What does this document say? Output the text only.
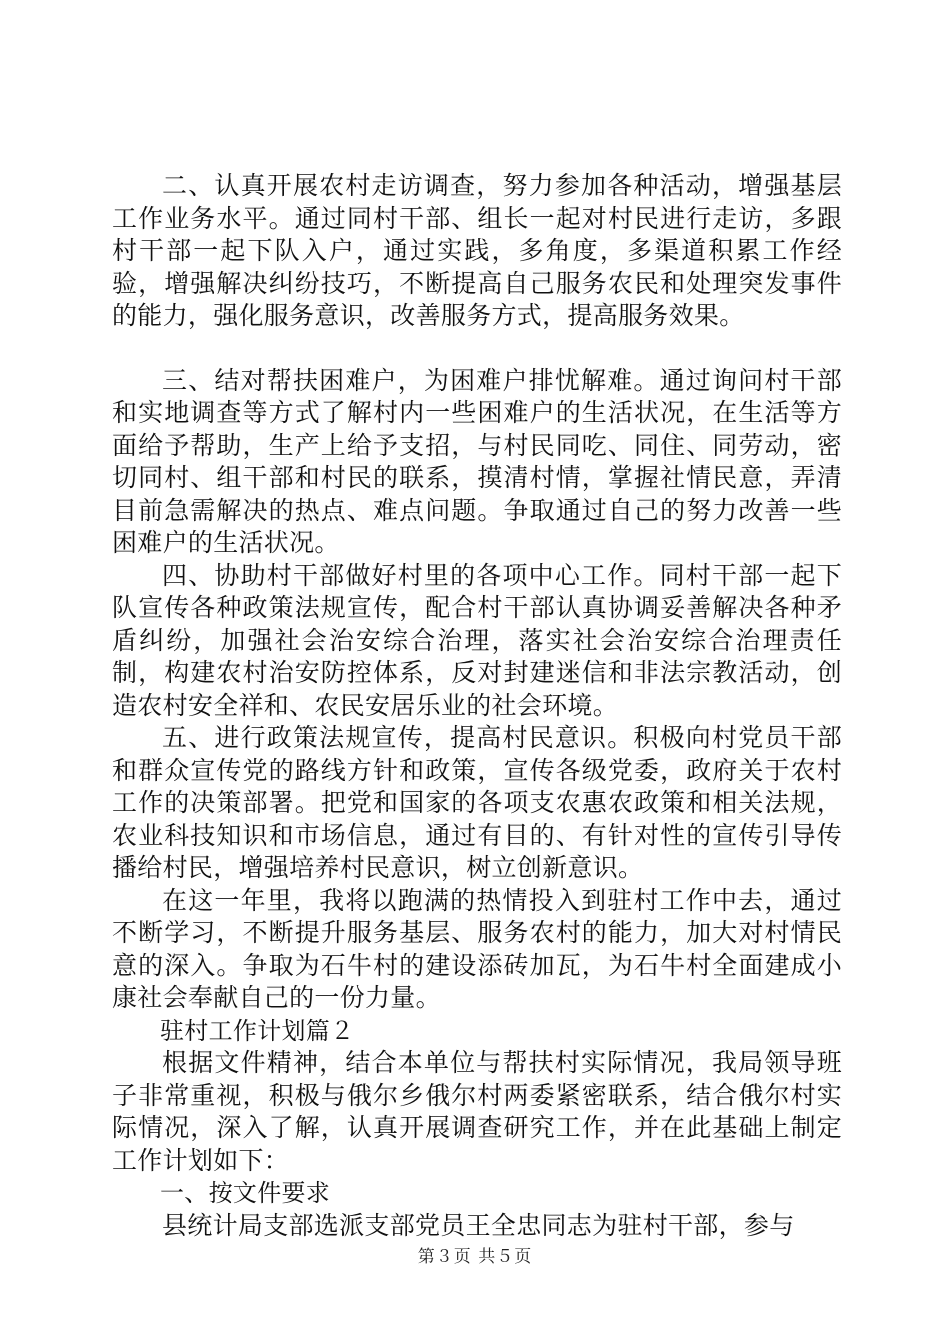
二、认真开展农村走访调查，努力参加各种活动，增强基层工作业务水平。通过同村干部、组长一起对村民进行走访，多跟村干部一起下队入户，通过实践，多角度，多渠道积累工作经验，增强解决纠纷技巧，不断提高自己服务农民和处理突发事件的能力，强化服务意识，改善服务方式，提高服务效果。

三、结对帮扶困难户，为困难户排忧解难。通过询问村干部和实地调查等方式了解村内一些困难户的生活状况，在生活等方面给予帮助，生产上给予支招，与村民同吃、同住、同劳动，密切同村、组干部和村民的联系，摸清村情，掌握社情民意，弄清目前急需解决的热点、难点问题。争取通过自己的努力改善一些困难户的生活状况。

四、协助村干部做好村里的各项中心工作。同村干部一起下队宣传各种政策法规宣传，配合村干部认真协调妥善解决各种矛盾纠纷，加强社会治安综合治理，落实社会治安综合治理责任制，构建农村治安防控体系，反对封建迷信和非法宗教活动，创造农村安全祥和、农民安居乐业的社会环境。

五、进行政策法规宣传，提高村民意识。积极向村党员干部和群众宣传党的路线方针和政策，宣传各级党委，政府关于农村工作的决策部署。把党和国家的各项支农惠农政策和相关法规，农业科技知识和市场信息，通过有目的、有针对性的宣传引导传播给村民，增强培养村民意识，树立创新意识。

在这一年里，我将以跑满的热情投入到驻村工作中去，通过不断学习，不断提升服务基层、服务农村的能力，加大对村情民意的深入。争取为石牛村的建设添砖加瓦，为石牛村全面建成小康社会奉献自己的一份力量。

驻村工作计划篇２

根据文件精神，结合本单位与帮扶村实际情况，我局领导班子非常重视，积极与俄尔乡俄尔村两委紧密联系，结合俄尔村实际情况，深入了解，认真开展调查研究工作，并在此基础上制定工作计划如下：

一、按文件要求

县统计局支部选派支部党员王全忠同志为驻村干部，参与

第３页 共５页
